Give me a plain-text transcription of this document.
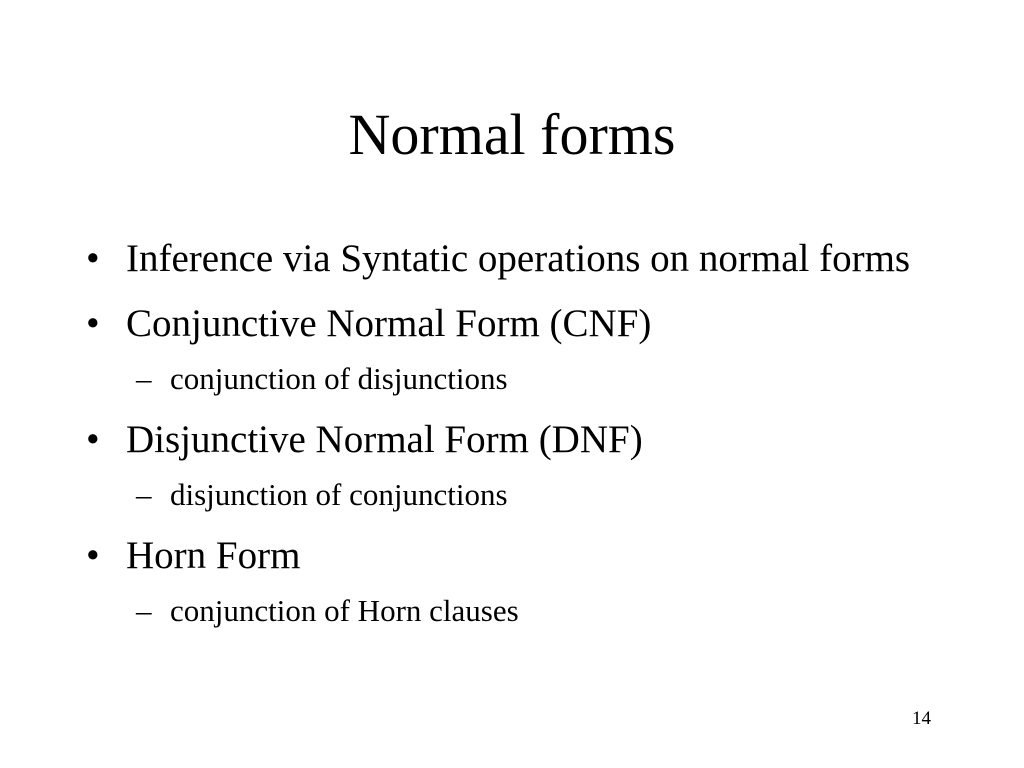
Normal forms
• Inference via Syntatic operations on normal forms
• Conjunctive Normal Form (CNF)
– conjunction of disjunctions
• Disjunctive Normal Form (DNF)
– disjunction of conjunctions
• Horn Form
– conjunction of Horn clauses
14
